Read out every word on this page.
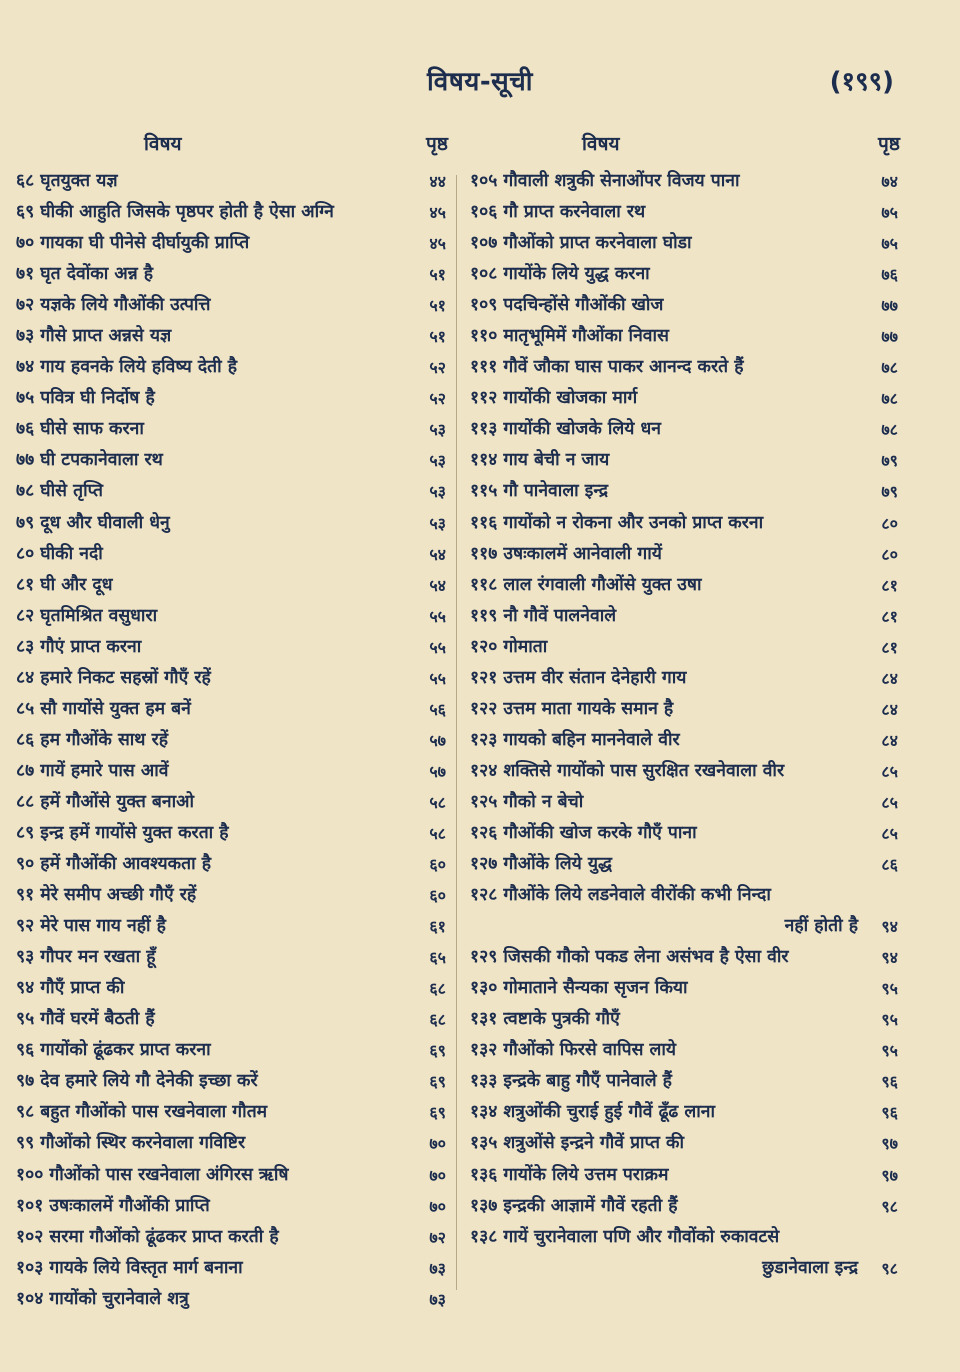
विषय-सूची	(१९९)
विषय	पृष्ठ
६८ घृतयुक्त यज्ञ	४४
६९ घीकी आहुति जिसके पृष्ठपर होती है ऐसा अग्नि	४५
७० गायका घी पीनेसे दीर्घायुकी प्राप्ति	४५
७१ घृत देवोंका अन्न है	५१
७२ यज्ञके लिये गौओंकी उत्पत्ति	५१
७३ गौसे प्राप्त अन्नसे यज्ञ	५१
७४ गाय हवनके लिये हविष्य देती है	५२
७५ पवित्र घी निर्दोष है	५२
७६ घीसे साफ करना	५३
७७ घी टपकानेवाला रथ	५३
७८ घीसे तृप्ति	५३
७९ दूध और घीवाली धेनु	५३
८० घीकी नदी	५४
८१ घी और दूध	५४
८२ घृतमिश्रित वसुधारा	५५
८३ गौएं प्राप्त करना	५५
८४ हमारे निकट सहस्रों गौएँ रहें	५५
८५ सौ गायोंसे युक्त हम बनें	५६
८६ हम गौओंके साथ रहें	५७
८७ गायें हमारे पास आवें	५७
८८ हमें गौओंसे युक्त बनाओ	५८
८९ इन्द्र हमें गायोंसे युक्त करता है	५८
९० हमें गौओंकी आवश्यकता है	६०
९१ मेरे समीप अच्छी गौएँ रहें	६०
९२ मेरे पास गाय नहीं है	६१
९३ गौपर मन रखता हूँ	६५
९४ गौएँ प्राप्त की	६८
९५ गौवें घरमें बैठती हैं	६८
९६ गायोंको ढूंढकर प्राप्त करना	६९
९७ देव हमारे लिये गौ देनेकी इच्छा करें	६९
९८ बहुत गौओंको पास रखनेवाला गौतम	६९
९९ गौओंको स्थिर करनेवाला गविष्टिर	७०
१०० गौओंको पास रखनेवाला अंगिरस ऋषि	७०
१०१ उषःकालमें गौओंकी प्राप्ति	७०
१०२ सरमा गौओंको ढूंढकर प्राप्त करती है	७२
१०३ गायके लिये विस्तृत मार्ग बनाना	७३
१०४ गायोंको चुरानेवाले शत्रु	७३
विषय	पृष्ठ
१०५ गौवाली शत्रुकी सेनाओंपर विजय पाना	७४
१०६ गौ प्राप्त करनेवाला रथ	७५
१०७ गौओंको प्राप्त करनेवाला घोडा	७५
१०८ गायोंके लिये युद्ध करना	७६
१०९ पदचिन्होंसे गौओंकी खोज	७७
११० मातृभूमिमें गौओंका निवास	७७
१११ गौवें जौका घास पाकर आनन्द करते हैं	७८
११२ गायोंकी खोजका मार्ग	७८
११३ गायोंकी खोजके लिये धन	७८
११४ गाय बेची न जाय	७९
११५ गौ पानेवाला इन्द्र	७९
११६ गायोंको न रोकना और उनको प्राप्त करना	८०
११७ उषःकालमें आनेवाली गायें	८०
११८ लाल रंगवाली गौओंसे युक्त उषा	८१
११९ नौ गौवें पालनेवाले	८१
१२० गोमाता	८१
१२१ उत्तम वीर संतान देनेहारी गाय	८४
१२२ उत्तम माता गायके समान है	८४
१२३ गायको बहिन माननेवाले वीर	८४
१२४ शक्तिसे गायोंको पास सुरक्षित रखनेवाला वीर	८५
१२५ गौको न बेचो	८५
१२६ गौओंकी खोज करके गौएँ पाना	८५
१२७ गौओंके लिये युद्ध	८६
१२८ गौओंके लिये लडनेवाले वीरोंकी कभी निन्दा
नहीं होती है ९४
१२९ जिसकी गौको पकड लेना असंभव है ऐसा वीर	९४
१३० गोमाताने सैन्यका सृजन किया	९५
१३१ त्वष्टाके पुत्रकी गौएँ	९५
१३२ गौओंको फिरसे वापिस लाये	९५
१३३ इन्द्रके बाहु गौएँ पानेवाले हैं	९६
१३४ शत्रुओंकी चुराई हुई गौवें ढूँढ लाना	९६
१३५ शत्रुओंसे इन्द्रने गौवें प्राप्त की	९७
१३६ गायोंके लिये उत्तम पराक्रम	९७
१३७ इन्द्रकी आज्ञामें गौवें रहती हैं	९८
१३८ गायें चुरानेवाला पणि और गौवोंको रुकावटसे
छुडानेवाला इन्द्र ९८
